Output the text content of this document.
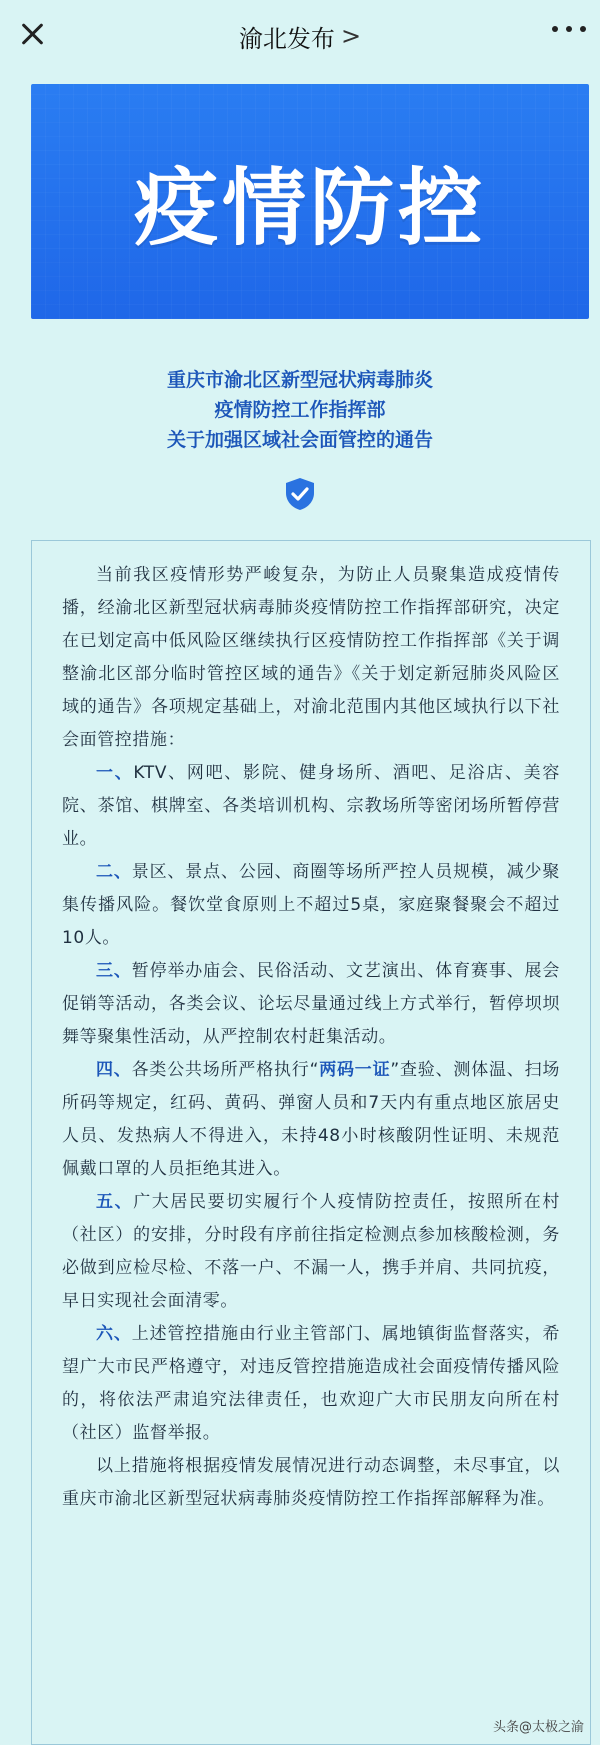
渝北发布 >
疫情防控
重庆市渝北区新型冠状病毒肺炎
疫情防控工作指挥部
关于加强区域社会面管控的通告

当前我区疫情形势严峻复杂，为防止人员聚集造成疫情传播，经渝北区新型冠状病毒肺炎疫情防控工作指挥部研究，决定在已划定高中低风险区继续执行区疫情防控工作指挥部《关于调整渝北区部分临时管控区域的通告》《关于划定新冠肺炎风险区域的通告》各项规定基础上，对渝北范围内其他区域执行以下社会面管控措施：

一、KTV、网吧、影院、健身场所、酒吧、足浴店、美容院、茶馆、棋牌室、各类培训机构、宗教场所等密闭场所暂停营业。

二、景区、景点、公园、商圈等场所严控人员规模，减少聚集传播风险。餐饮堂食原则上不超过5桌，家庭聚餐聚会不超过10人。

三、暂停举办庙会、民俗活动、文艺演出、体育赛事、展会促销等活动，各类会议、论坛尽量通过线上方式举行，暂停坝坝舞等聚集性活动，从严控制农村赶集活动。

四、各类公共场所严格执行“两码一证”查验、测体温、扫场所码等规定，红码、黄码、弹窗人员和7天内有重点地区旅居史人员、发热病人不得进入，未持48小时核酸阴性证明、未规范佩戴口罩的人员拒绝其进入。

五、广大居民要切实履行个人疫情防控责任，按照所在村（社区）的安排，分时段有序前往指定检测点参加核酸检测，务必做到应检尽检、不落一户、不漏一人，携手并肩、共同抗疫，早日实现社会面清零。

六、上述管控措施由行业主管部门、属地镇街监督落实，希望广大市民严格遵守，对违反管控措施造成社会面疫情传播风险的，将依法严肃追究法律责任，也欢迎广大市民朋友向所在村（社区）监督举报。

以上措施将根据疫情发展情况进行动态调整，未尽事宜，以重庆市渝北区新型冠状病毒肺炎疫情防控工作指挥部解释为准。

头条@太极之渝
